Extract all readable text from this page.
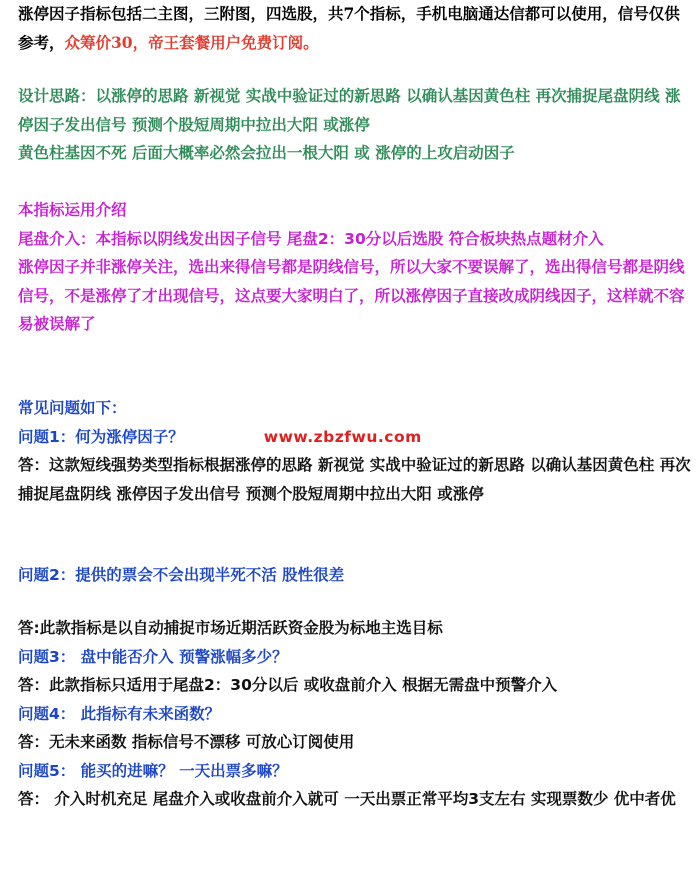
涨停因子指标包括二主图，三附图，四选股，共7个指标，手机电脑通达信都可以使用，信号仅供参考，众筹价30，帝王套餐用户免费订阅。
设计思路：以涨停的思路 新视觉 实战中验证过的新思路 以确认基因黄色柱 再次捕捉尾盘阴线 涨停因子发出信号 预测个股短周期中拉出大阳 或涨停
黄色柱基因不死 后面大概率必然会拉出一根大阳 或 涨停的上攻启动因子
本指标运用介绍
尾盘介入：本指标以阴线发出因子信号 尾盘2：30分以后选股 符合板块热点题材介入
涨停因子并非涨停关注，选出来得信号都是阴线信号，所以大家不要误解了，选出得信号都是阴线信号，不是涨停了才出现信号，这点要大家明白了，所以涨停因子直接改成阴线因子，这样就不容易被误解了
常见问题如下：
问题1：何为涨停因子？	www.zbzfwu.com
答：这款短线强势类型指标根据涨停的思路 新视觉 实战中验证过的新思路 以确认基因黄色柱 再次捕捉尾盘阴线 涨停因子发出信号 预测个股短周期中拉出大阳 或涨停
问题2：提供的票会不会出现半死不活 股性很差
答:此款指标是以自动捕捉市场近期活跃资金股为标地主选目标
问题3： 盘中能否介入 预警涨幅多少？
答：此款指标只适用于尾盘2：30分以后 或收盘前介入 根据无需盘中预警介入
问题4： 此指标有未来函数？
答：无未来函数 指标信号不漂移 可放心订阅使用
问题5： 能买的进嘛？ 一天出票多嘛？
答： 介入时机充足 尾盘介入或收盘前介入就可 一天出票正常平均3支左右 实现票数少 优中者优
